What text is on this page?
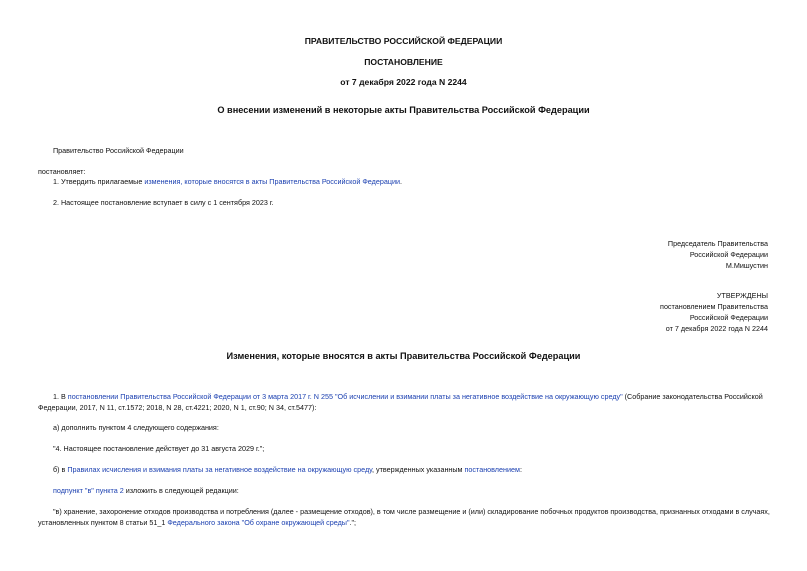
ПРАВИТЕЛЬСТВО РОССИЙСКОЙ ФЕДЕРАЦИИ
ПОСТАНОВЛЕНИЕ
от 7 декабря 2022 года N 2244
О внесении изменений в некоторые акты Правительства Российской Федерации
Правительство Российской Федерации
постановляет:
1. Утвердить прилагаемые изменения, которые вносятся в акты Правительства Российской Федерации.
2. Настоящее постановление вступает в силу с 1 сентября 2023 г.
Председатель Правительства
Российской Федерации
М.Мишустин
УТВЕРЖДЕНЫ
постановлением Правительства
Российской Федерации
от 7 декабря 2022 года N 2244
Изменения, которые вносятся в акты Правительства Российской Федерации
1. В постановлении Правительства Российской Федерации от 3 марта 2017 г. N 255 "Об исчислении и взимании платы за негативное воздействие на окружающую среду" (Собрание законодательства Российской Федерации, 2017, N 11, ст.1572; 2018, N 28, ст.4221; 2020, N 1, ст.90; N 34, ст.5477):
а) дополнить пунктом 4 следующего содержания:
"4. Настоящее постановление действует до 31 августа 2029 г.";
б) в Правилах исчисления и взимания платы за негативное воздействие на окружающую среду, утвержденных указанным постановлением:
подпункт "в" пункта 2 изложить в следующей редакции:
"в) хранение, захоронение отходов производства и потребления (далее - размещение отходов), в том числе размещение и (или) складирование побочных продуктов производства, признанных отходами в случаях, установленных пунктом 8 статьи 51_1 Федерального закона "Об охране окружающей среды".";
